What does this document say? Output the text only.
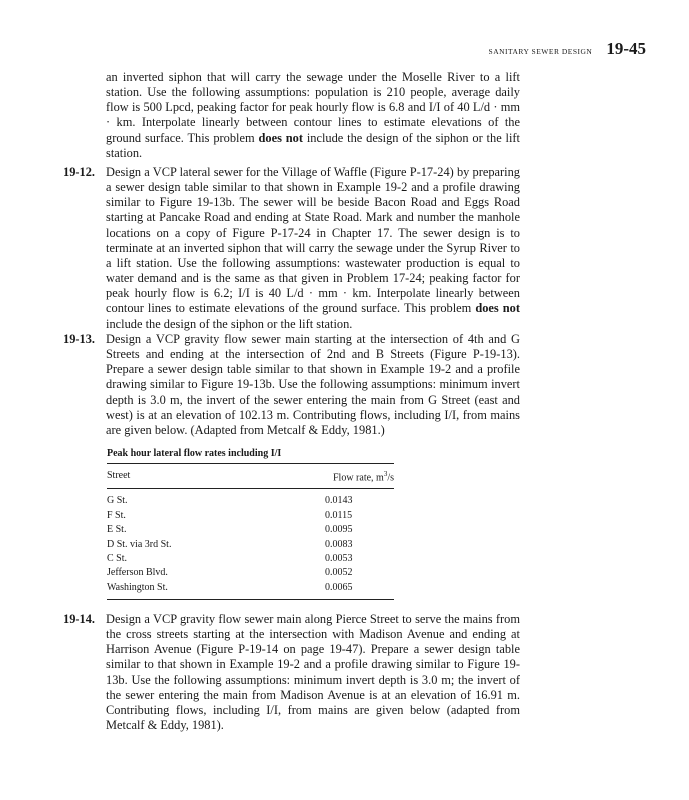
SANITARY SEWER DESIGN 19-45
an inverted siphon that will carry the sewage under the Moselle River to a lift station. Use the following assumptions: population is 210 people, average daily flow is 500 Lpcd, peaking factor for peak hourly flow is 6.8 and I/I of 40 L/d · mm · km. Interpolate linearly between contour lines to estimate elevations of the ground surface. This problem does not include the design of the siphon or the lift station.
19-12. Design a VCP lateral sewer for the Village of Waffle (Figure P-17-24) by preparing a sewer design table similar to that shown in Example 19-2 and a profile drawing similar to Figure 19-13b. The sewer will be beside Bacon Road and Eggs Road starting at Pancake Road and ending at State Road. Mark and number the manhole locations on a copy of Figure P-17-24 in Chapter 17. The sewer design is to terminate at an inverted siphon that will carry the sewage under the Syrup River to a lift station. Use the following assumptions: wastewater production is equal to water demand and is the same as that given in Problem 17-24; peaking factor for peak hourly flow is 6.2; I/I is 40 L/d · mm · km. Interpolate linearly between contour lines to estimate elevations of the ground surface. This problem does not include the design of the siphon or the lift station.
19-13. Design a VCP gravity flow sewer main starting at the intersection of 4th and G Streets and ending at the intersection of 2nd and B Streets (Figure P-19-13). Prepare a sewer design table similar to that shown in Example 19-2 and a profile drawing similar to Figure 19-13b. Use the following assumptions: minimum invert depth is 3.0 m, the invert of the sewer entering the main from G Street (east and west) is at an elevation of 102.13 m. Contributing flows, including I/I, from mains are given below. (Adapted from Metcalf & Eddy, 1981.)
Peak hour lateral flow rates including I/I
Street	Flow rate, $m^3/s$
G St.	0.0143
F St.	0.0115
E St.	0.0095
D St. via 3rd St.	0.0083
C St.	0.0053
Jefferson Blvd.	0.0052
Washington St.	0.0065
19-14. Design a VCP gravity flow sewer main along Pierce Street to serve the mains from the cross streets starting at the intersection with Madison Avenue and ending at Harrison Avenue (Figure P-19-14 on page 19-47). Prepare a sewer design table similar to that shown in Example 19-2 and a profile drawing similar to Figure 19-13b. Use the following assumptions: minimum invert depth is 3.0 m; the invert of the sewer entering the main from Madison Avenue is at an elevation of 16.91 m. Contributing flows, including I/I, from mains are given below (adapted from Metcalf & Eddy, 1981).
